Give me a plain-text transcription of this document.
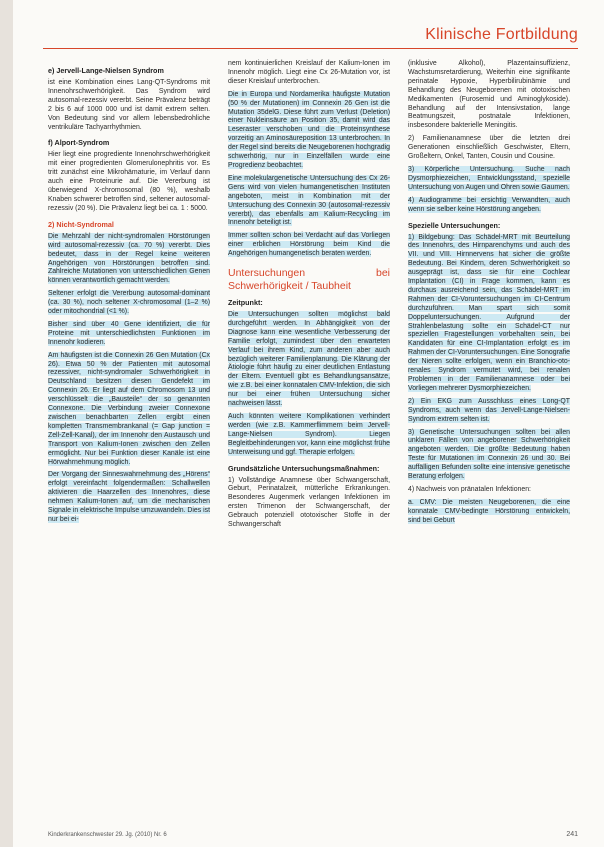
Klinische Fortbildung
e) Jervell-Lange-Nielsen Syndrom

ist eine Kombination eines Lang-QT-Syndroms mit Innenohrschwerhörigkeit. Das Syndrom wird autosomal-rezessiv vererbt. Seine Prävalenz beträgt 2 bis 6 auf 1000 000 und ist damit extrem selten. Von Bedeutung sind vor allem lebensbedrohliche ventrikuläre Tachyarrhythmien.

f) Alport-Syndrom

Hier liegt eine progrediente Innenohrschwerhörigkeit mit einer progredienten Glomerulonephritis vor. Es tritt zunächst eine Mikrohämaturie, im Verlauf dann auch eine Proteinurie auf. Die Vererbung ist überwiegend X-chromosomal (80 %), weshalb Knaben schwerer betroffen sind, seltener autosomal-rezessiv (20 %). Die Prävalenz liegt bei ca. 1 : 5000.

2) Nicht-Syndromal

Die Mehrzahl der nicht-syndromalen Hörstörungen wird autosomal-rezessiv (ca. 70 %) vererbt. Dies bedeutet, dass in der Regel keine weiteren Angehörigen von Hörstörungen betroffen sind. Zahlreiche Mutationen von unterschiedlichen Genen können verantwortlich gemacht werden.

Seltener erfolgt die Vererbung autosomal-dominant (ca. 30 %), noch seltener X-chromosomal (1–2 %) oder mitochondrial (<1 %).

Bisher sind über 40 Gene identifiziert, die für Proteine mit unterschiedlichsten Funktionen im Innenohr kodieren.

Am häufigsten ist die Connexin 26 Gen Mutation (Cx 26). Etwa 50 % der Patienten mit autosomal rezessiver, nicht-syndromaler Schwerhörigkeit in Deutschland besitzen diesen Gendefekt im Connexin 26. Er liegt auf dem Chromosom 13 und verschlüsselt die „Bausteile“ der so genannten Connexone. Die Verbindung zweier Connexone zwischen benachbarten Zellen ergibt einen kompletten Transmembrankanal (= Gap junction = Zell-Zell-Kanal), der im Innenohr den Austausch und Transport von Kalium-Ionen zwischen den Zellen ermöglicht. Nur bei Funktion dieser Kanäle ist eine Hörwahrnehmung möglich.

Der Vorgang der Sinneswahrnehmung des „Hörens“ erfolgt vereinfacht folgendermaßen: Schallwellen aktivieren die Haarzellen des Innenohres, diese nehmen Kalium-Ionen auf, um die mechanischen Signale in elektrische Impulse umzuwandeln. Dies ist nur bei ei-

nem kontinuierlichen Kreislauf der Kalium-Ionen im Innenohr möglich. Liegt eine Cx 26-Mutation vor, ist dieser Kreislauf unterbrochen.

Die in Europa und Nordamerika häufigste Mutation (50 % der Mutationen) im Connexin 26 Gen ist die Mutation 35delG. Diese führt zum Verlust (Deletion) einer Nukleinsäure an Position 35, damit wird das Leseraster verschoben und die Proteinsynthese vorzeitig an Aminosäureposition 13 unterbrochen. In der Regel sind bereits die Neugeborenen hochgradig schwerhörig, nur in Einzelfällen wurde eine Progredienz beobachtet.

Eine molekulargenetische Untersuchung des Cx 26-Gens wird von vielen humangenetischen Instituten angeboten, meist in Kombination mit der Untersuchung des Connexin 30 (autosomal-rezessiv vererbt), das ebenfalls am Kalium-Recycling im Innenohr beteiligt ist.

Immer sollten schon bei Verdacht auf das Vorliegen einer erblichen Hörstörung beim Kind die Angehörigen humangenetisch beraten werden.

Untersuchungen bei Schwerhörigkeit / Taubheit
Zeitpunkt:

Die Untersuchungen sollten möglichst bald durchgeführt werden. In Abhängigkeit von der Diagnose kann eine wesentliche Verbesserung der Familie erfolgt, zumindest über den erwarteten Verlauf bei ihrem Kind, zum anderen aber auch bezüglich weiterer Familienplanung. Die Klärung der Ätiologie führt häufig zu einer deutlichen Entlastung der Eltern. Eventuell gibt es Behandlungsansätze, wie z.B. bei einer konnatalen CMV-Infektion, die sich nur bei einer frühen Untersuchung sicher nachweisen lässt.

Auch könnten weitere Komplikationen verhindert werden (wie z.B. Kammerflimmern beim Jervell-Lange-Nielsen Syndrom). Liegen Begleitbehinderungen vor, kann eine möglichst frühe Unterweisung und ggf. Therapie erfolgen.

Grundsätzliche Untersuchungsmaßnahmen:

1) Vollständige Anamnese über Schwangerschaft, Geburt, Perinatalzeit, mütterliche Erkrankungen. Besonderes Augenmerk verlangen Infektionen im ersten Trimenon der Schwangerschaft, der Gebrauch potenziell ototoxischer Stoffe in der Schwangerschaft

(inklusive Alkohol), Plazentainsuffizienz, Wachstumsretardierung, Weiterhin eine signifikante perinatale Hypoxie, Hyperbilirubinämie und Behandlung des Neugeborenen mit ototoxischen Medikamenten (Furosemid und Aminoglykoside). Behandlung auf der Intensivstation, lange Beatmungszeit, postnatale Infektionen, insbesondere bakterielle Meningitis.

2) Familienanamnese über die letzten drei Generationen einschließlich Geschwister, Eltern, Großeltern, Onkel, Tanten, Cousin und Cousine.

3) Körperliche Untersuchung. Suche nach Dysmorphiezeichen, Entwicklungsstand, spezielle Untersuchung von Augen und Ohren sowie Gaumen.

4) Audiogramme bei ersichtig Verwandten, auch wenn sie selber keine Hörstörung angeben.

Spezielle Untersuchungen:

1) Bildgebung: Das Schädel-MRT mit Beurteilung des Innenohrs, des Hirnparenchyms und auch des VII. und VIII. Hirnnervens hat sicher die größte Bedeutung. Bei Kindern, deren Schwerhörigkeit so ausgeprägt ist, dass sie für eine Cochlear Implantation (CI) in Frage kommen, kann es durchaus ausreichend sein, das Schädel-MRT im Rahmen der CI-Voruntersuchungen im CI-Centrum durchzuführen. Man spart sich somit Doppeluntersuchungen. Aufgrund der Strahlenbelastung sollte ein Schädel-CT nur speziellen Fragestellungen vorbehalten sein, bei Kandidaten für eine CI-Implantation erfolgt es im Rahmen der CI-Voruntersuchungen. Eine Sonografie der Nieren sollte erfolgen, wenn ein Branchio-oto-renales Syndrom vermutet wird, bei renalen Problemen in der Familienanamnese oder bei Vorliegen mehrerer Dysmorphiezeichen.

2) Ein EKG zum Ausschluss eines Long-QT Syndroms, auch wenn das Jervell-Lange-Nielsen-Syndrom extrem selten ist.

3) Genetische Untersuchungen sollten bei allen unklaren Fällen von angeborener Schwerhörigkeit angeboten werden. Die größte Bedeutung haben Teste für Mutationen im Connexin 26 und 30. Bei auffälligen Befunden sollte eine intensive genetische Beratung erfolgen.

4) Nachweis von pränatalen Infektionen:

a. CMV: Die meisten Neugeborenen, die eine konnatale CMV-bedingte Hörstörung entwickeln, sind bei Geburt

Kinderkrankenschwester 29. Jg. (2010) Nr. 6	241
